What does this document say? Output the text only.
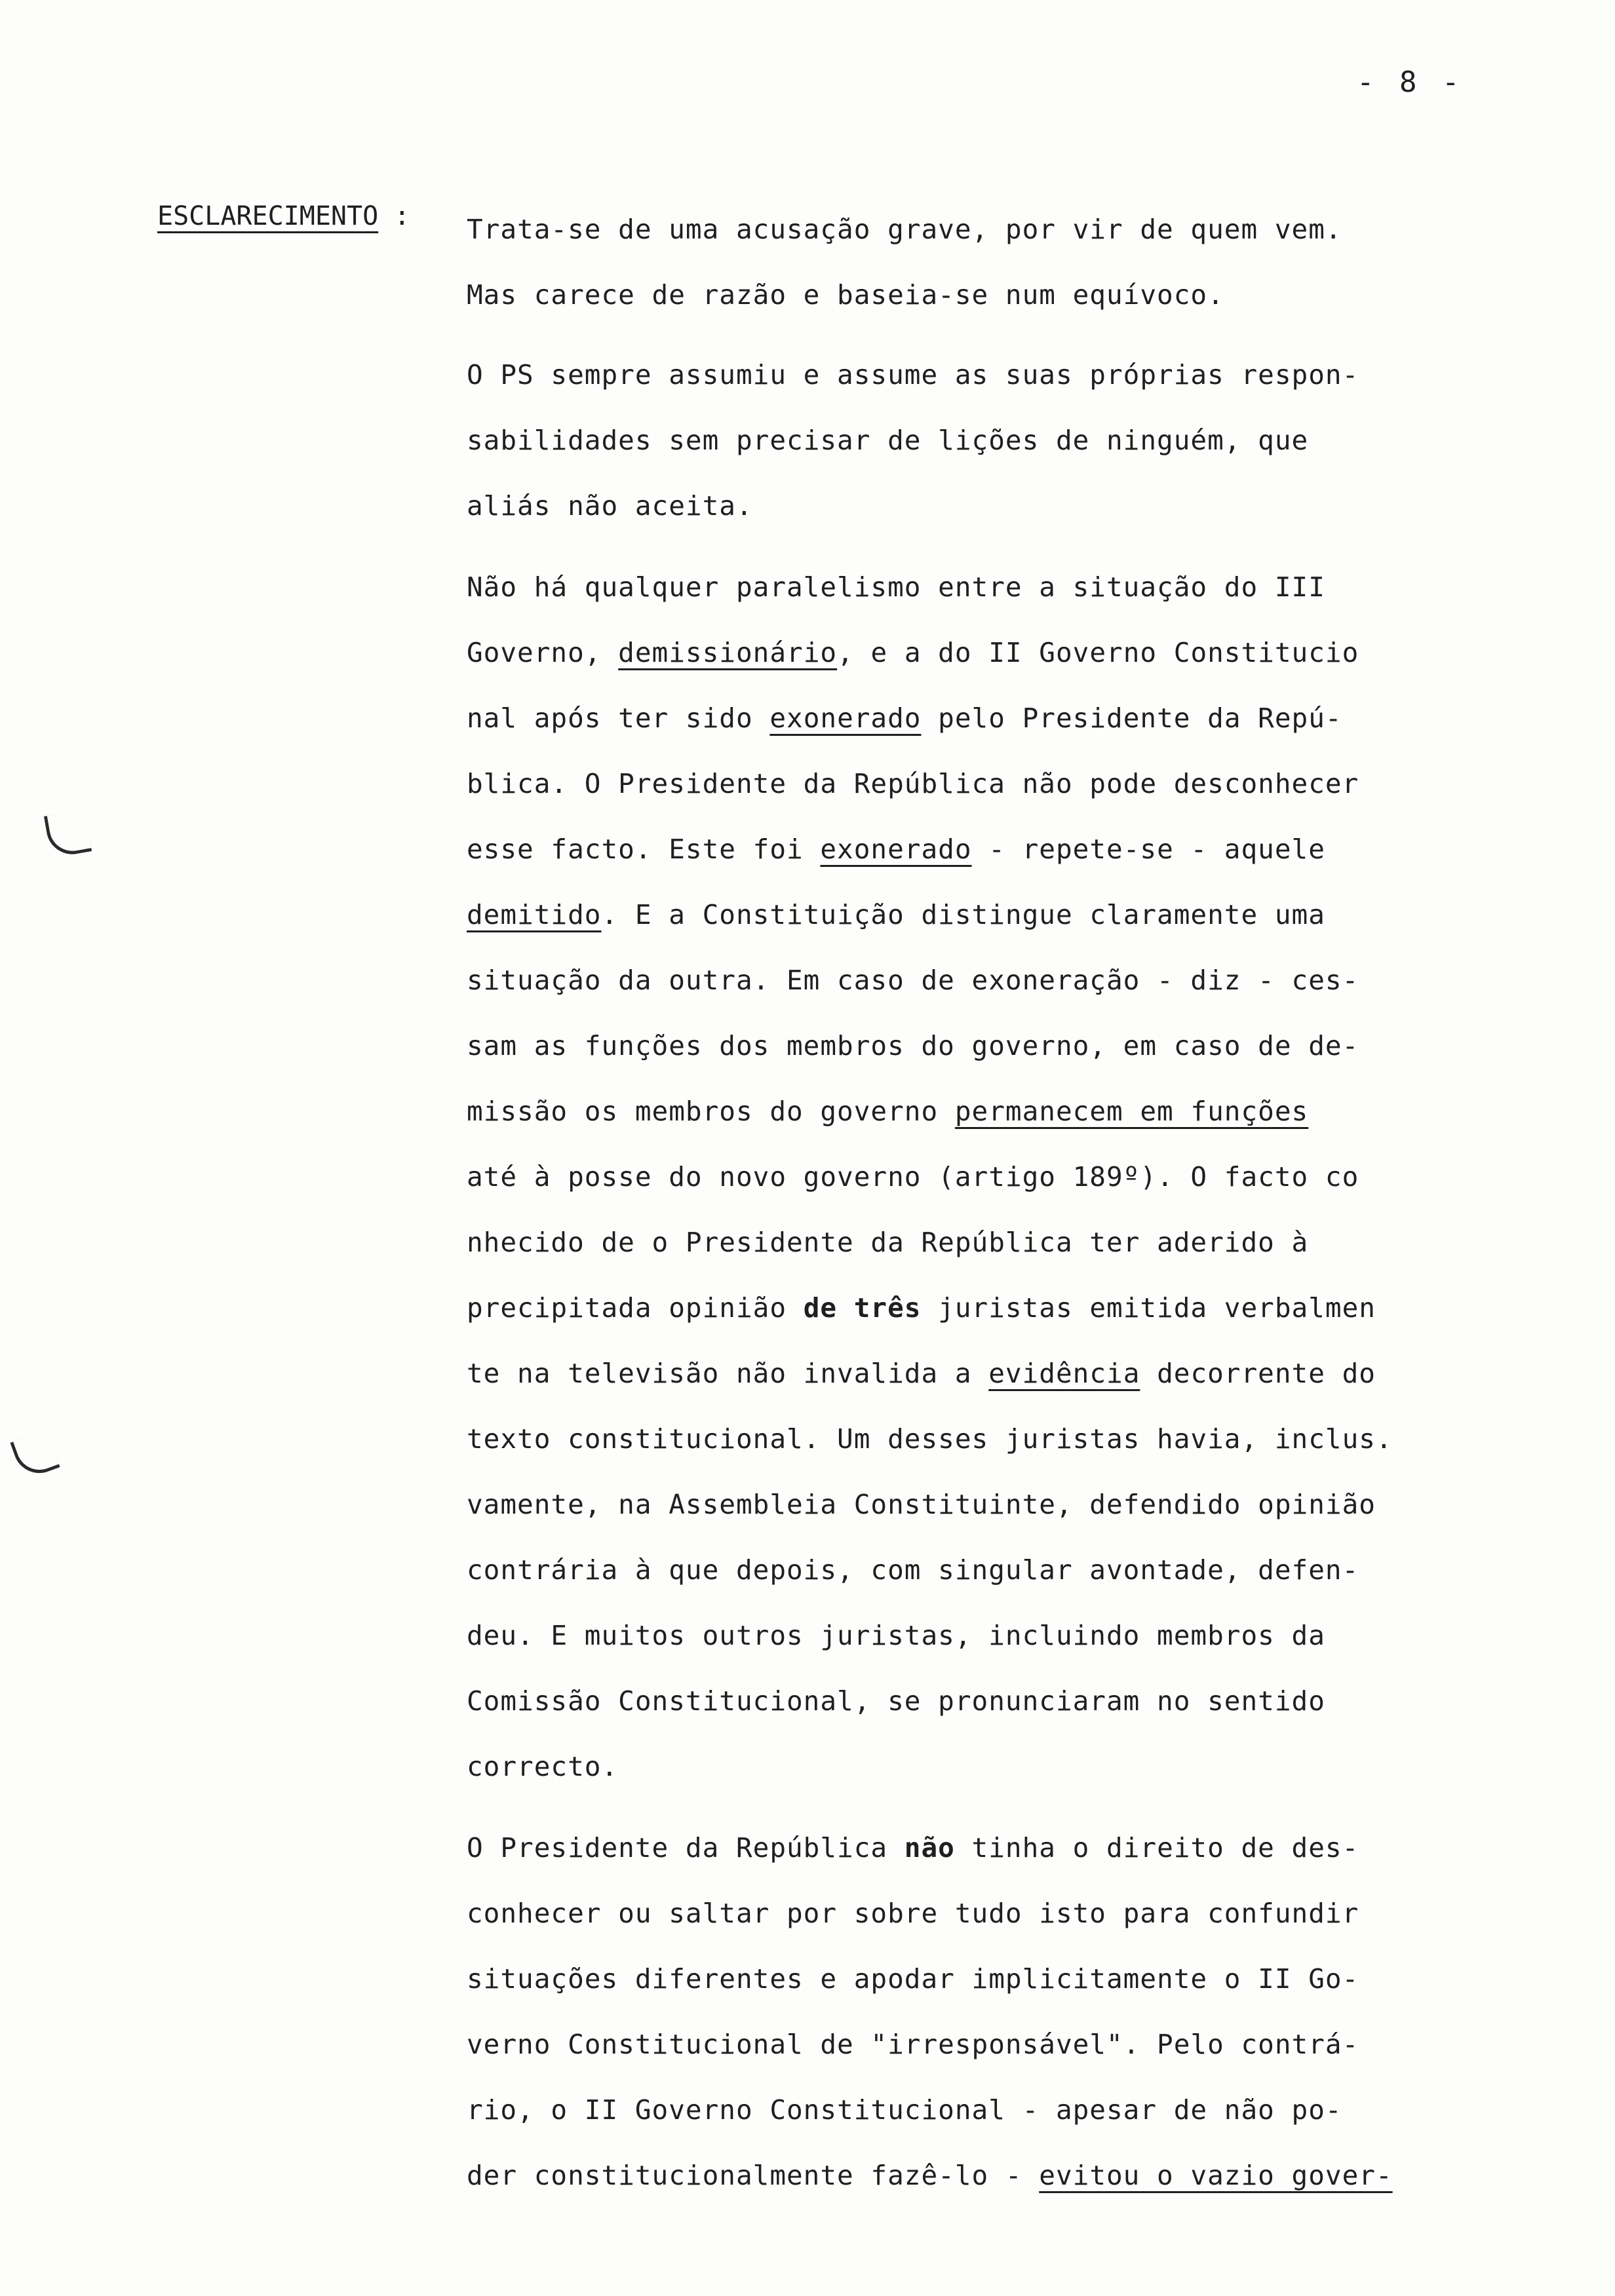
- 8 -
ESCLARECIMENTO : Trata-se de uma acusação grave, por vir de quem vem.
Mas carece de razão e baseia-se num equívoco.
O PS sempre assumiu e assume as suas próprias respon-
sabilidades sem precisar de lições de ninguém, que
aliás não aceita.
Não há qualquer paralelismo entre a situação do III
Governo, demissionário, e a do II Governo Constitucio
nal após ter sido exonerado pelo Presidente da Repú-
blica. O Presidente da República não pode desconhecer
esse facto. Este foi exonerado - repete-se - aquele
demitido. E a Constituição distingue claramente uma
situação da outra. Em caso de exoneração - diz - ces-
sam as funções dos membros do governo, em caso de de-
missão os membros do governo permanecem em funções
até à posse do novo governo (artigo 189º). O facto co
nhecido de o Presidente da República ter aderido à
precipitada opinião de três juristas emitida verbalmen
te na televisão não invalida a evidência decorrente do
texto constitucional. Um desses juristas havia, inclus.
vamente, na Assembleia Constituinte, defendido opinião
contrária à que depois, com singular avontade, defen-
deu. E muitos outros juristas, incluindo membros da
Comissão Constitucional, se pronunciaram no sentido
correcto.
O Presidente da República não tinha o direito de des-
conhecer ou saltar por sobre tudo isto para confundir
situações diferentes e apodar implicitamente o II Go-
verno Constitucional de "irresponsável". Pelo contrá-
rio, o II Governo Constitucional - apesar de não po-
der constitucionalmente fazê-lo - evitou o vazio gover-
